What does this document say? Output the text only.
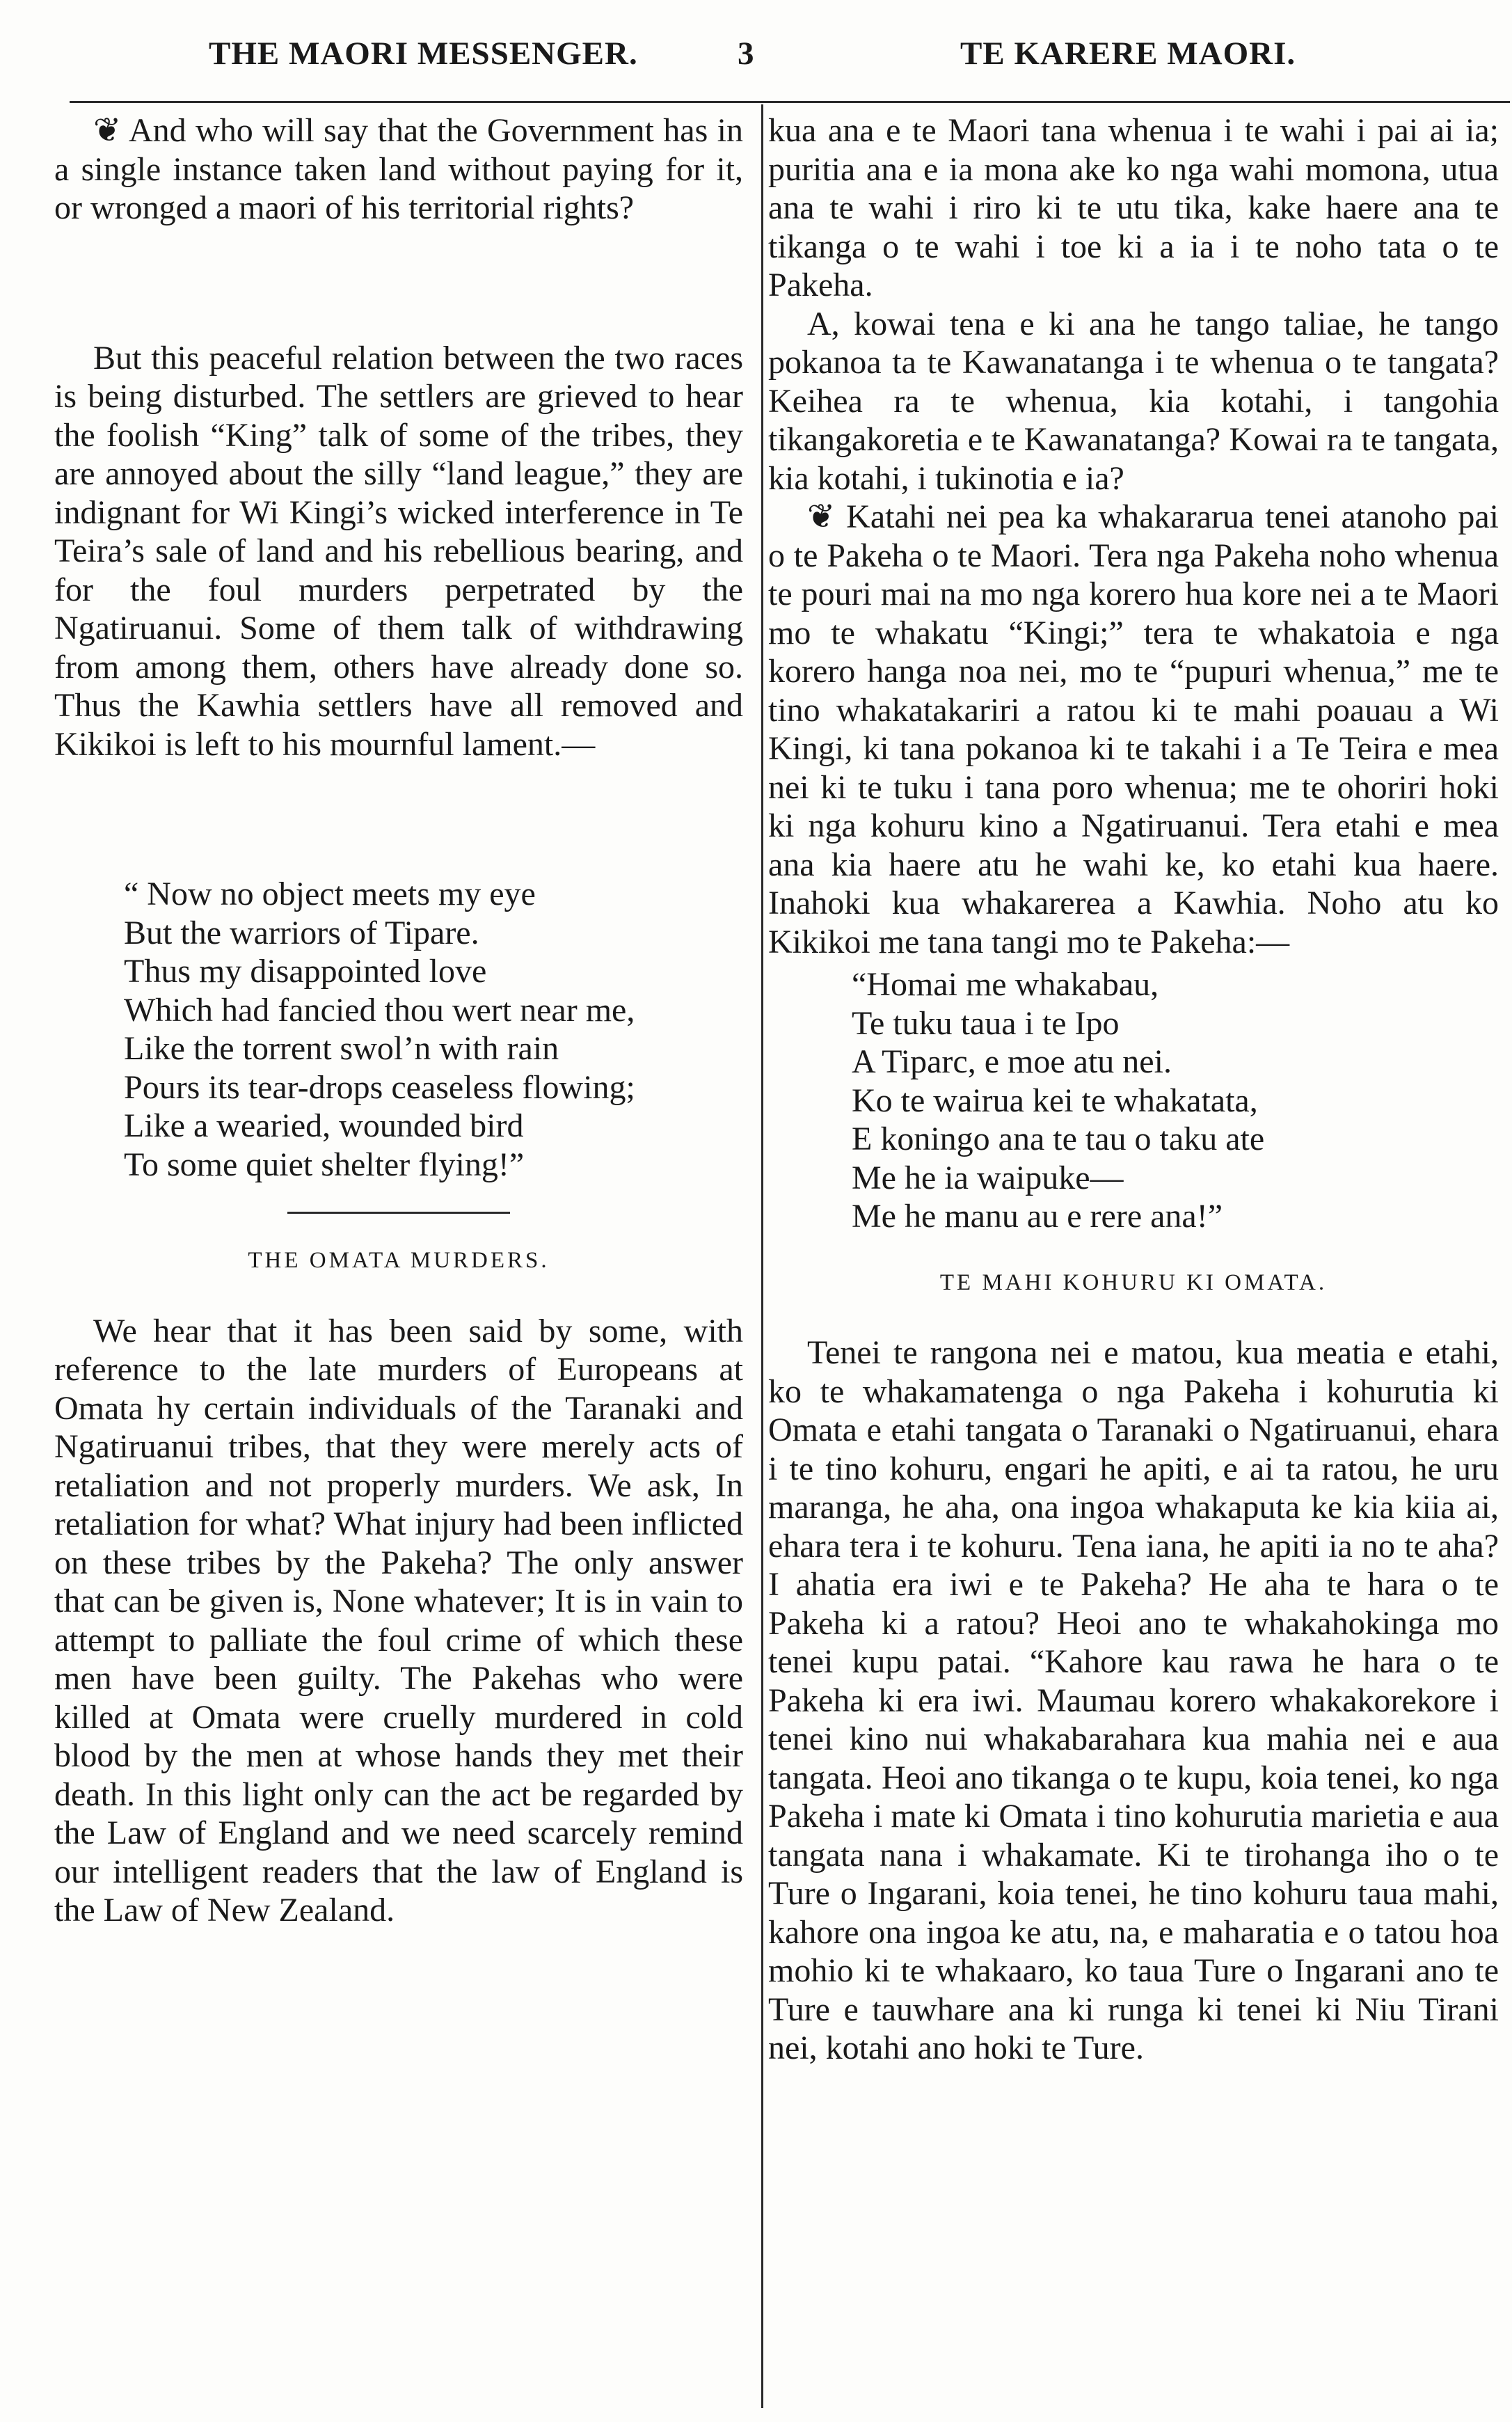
THE MAORI MESSENGER.	3	TE KARERE MAORI.

❦ And who will say that the Government has in a single instance taken land without paying for it, or wronged a maori of his territorial rights?

But this peaceful relation between the two races is being disturbed. The settlers are grieved to hear the foolish “King” talk of some of the tribes, they are annoyed about the silly “land league,” they are indignant for Wi Kingi’s wicked interference in Te Teira’s sale of land and his rebellious bearing, and for the foul murders perpetrated by the Ngatiruanui. Some of them talk of withdrawing from among them, others have already done so. Thus the Kawhia settlers have all removed and Kikikoi is left to his mournful lament.—

“ Now no object meets my eye
But the warriors of Tipare.
Thus my disappointed love
Which had fancied thou wert near me,
Like the torrent swol’n with rain
Pours its tear-drops ceaseless flowing;
Like a wearied, wounded bird
To some quiet shelter flying!”
THE OMATA MURDERS.

We hear that it has been said by some, with reference to the late murders of Europeans at Omata hy certain individuals of the Taranaki and Ngatiruanui tribes, that they were merely acts of retaliation and not properly murders. We ask, In retaliation for what? What injury had been inflicted on these tribes by the Pakeha? The only answer that can be given is, None whatever; It is in vain to attempt to palliate the foul crime of which these men have been guilty. The Pakehas who were killed at Omata were cruelly murdered in cold blood by the men at whose hands they met their death. In this light only can the act be regarded by the Law of England and we need scarcely remind our intelligent readers that the law of England is the Law of New Zealand.

kua ana e te Maori tana whenua i te wahi i pai ai ia; puritia ana e ia mona ake ko nga wahi momona, utua ana te wahi i riro ki te utu tika, kake haere ana te tikanga o te wahi i toe ki a ia i te noho tata o te Pakeha.

A, kowai tena e ki ana he tango taliae, he tango pokanoa ta te Kawanatanga i te whenua o te tangata? Keihea ra te whenua, kia kotahi, i tangohia tikangakoretia e te Kawanatanga? Kowai ra te tangata, kia kotahi, i tukinotia e ia?

❦ Katahi nei pea ka whakararua tenei atanoho pai o te Pakeha o te Maori. Tera nga Pakeha noho whenua te pouri mai na mo nga korero hua kore nei a te Maori mo te whakatu “Kingi;” tera te whakatoia e nga korero hanga noa nei, mo te “pupuri whenua,” me te tino whakatakariri a ratou ki te mahi poauau a Wi Kingi, ki tana pokanoa ki te takahi i a Te Teira e mea nei ki te tuku i tana poro whenua; me te ohoriri hoki ki nga kohuru kino a Ngatiruanui. Tera etahi e mea ana kia haere atu he wahi ke, ko etahi kua haere. Inahoki kua whakarerea a Kawhia. Noho atu ko Kikikoi me tana tangi mo te Pakeha:—

“Homai me whakabau,
Te tuku taua i te Ipo
A Tiparc, e moe atu nei.
Ko te wairua kei te whakatata,
E koningo ana te tau o taku ate
Me he ia waipuke—
Me he manu au e rere ana!”
TE MAHI KOHURU KI OMATA.

Tenei te rangona nei e matou, kua meatia e etahi, ko te whakamatenga o nga Pakeha i kohurutia ki Omata e etahi tangata o Taranaki o Ngatiruanui, ehara i te tino kohuru, engari he apiti, e ai ta ratou, he uru maranga, he aha, ona ingoa whakaputa ke kia kiia ai, ehara tera i te kohuru. Tena iana, he apiti ia no te aha? I ahatia era iwi e te Pakeha? He aha te hara o te Pakeha ki a ratou? Heoi ano te whakahokinga mo tenei kupu patai. “Kahore kau rawa he hara o te Pakeha ki era iwi. Maumau korero whakakorekore i tenei kino nui whakabarahara kua mahia nei e aua tangata. Heoi ano tikanga o te kupu, koia tenei, ko nga Pakeha i mate ki Omata i tino kohurutia marietia e aua tangata nana i whakamate. Ki te tirohanga iho o te Ture o Ingarani, koia tenei, he tino kohuru taua mahi, kahore ona ingoa ke atu, na, e maharatia e o tatou hoa mohio ki te whakaaro, ko taua Ture o Ingarani ano te Ture e tauwhare ana ki runga ki tenei ki Niu Tirani nei, kotahi ano hoki te Ture.
